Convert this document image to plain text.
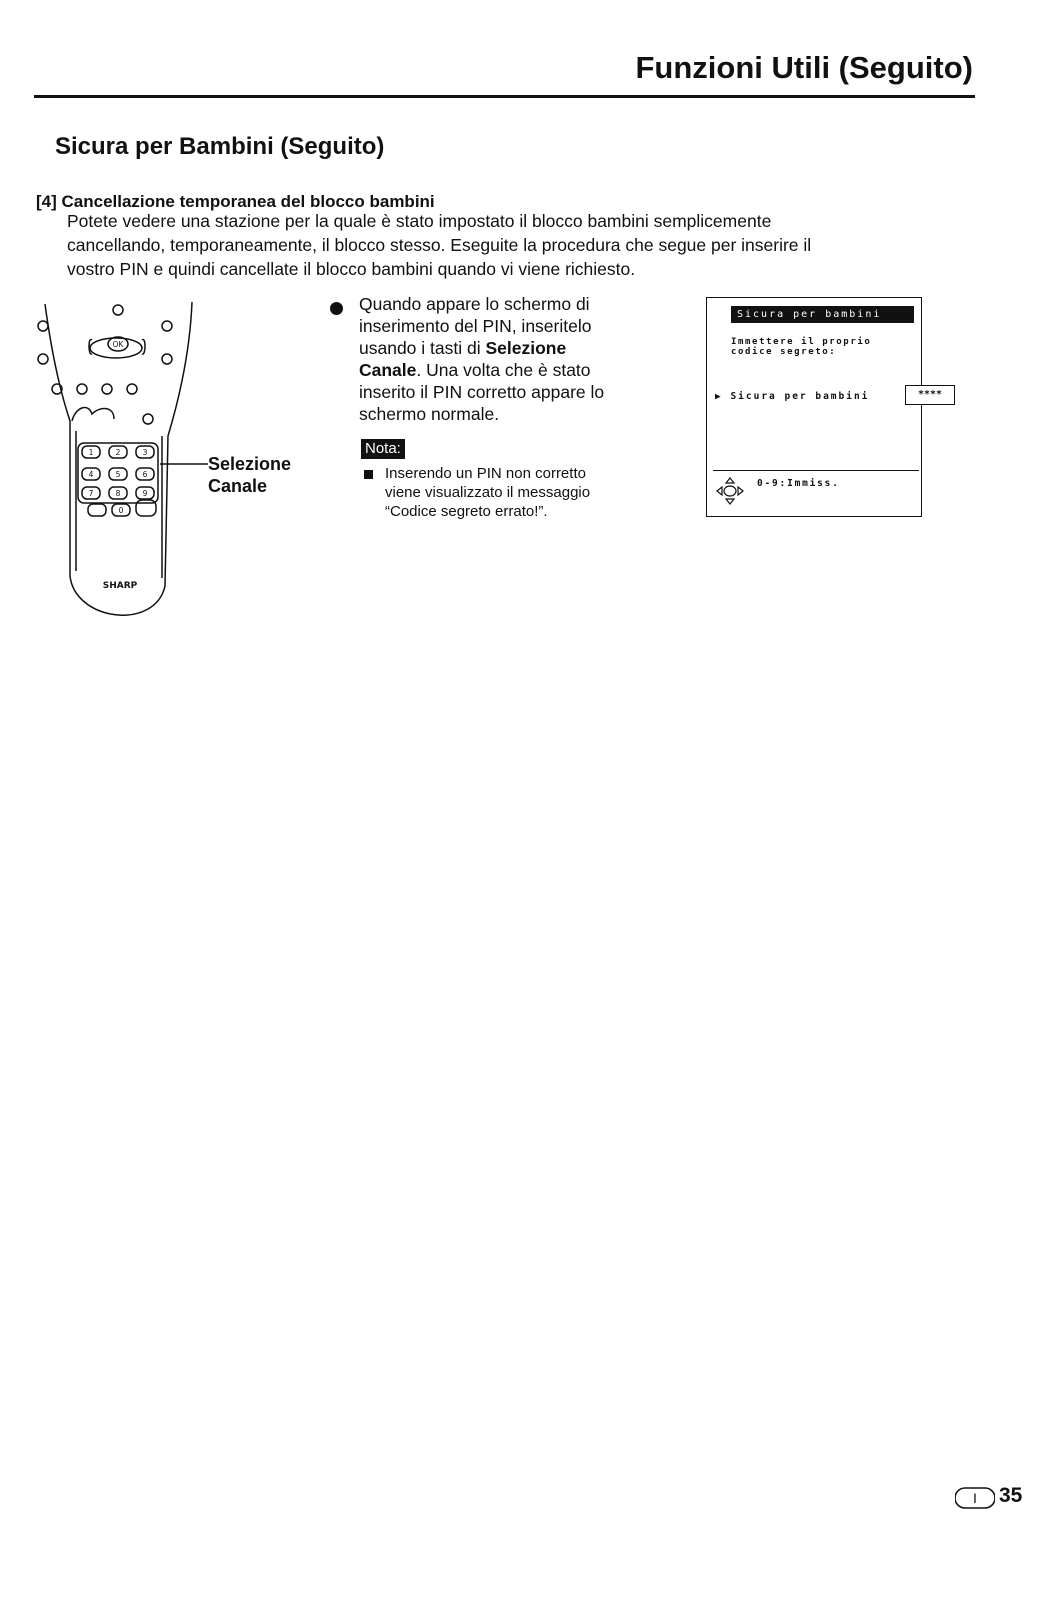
Funzioni Utili (Seguito)
Sicura per Bambini (Seguito)
[4] Cancellazione temporanea del blocco bambini
Potete vedere una stazione per la quale è stato impostato il blocco bambini semplicemente
cancellando, temporaneamente, il blocco stesso. Eseguite la procedura che segue per inserire il
vostro PIN e quindi cancellate il blocco bambini quando vi viene richiesto.
OK
1	2	3
4	5	6
7	8	9
0
SHARP
Selezione
Canale
Quando appare lo schermo di
inserimento del PIN, inseritelo
usando i tasti di Selezione
Canale. Una volta che è stato
inserito il PIN corretto appare lo
schermo normale.
Nota:
Inserendo un PIN non corretto
viene visualizzato il messaggio
“Codice segreto errato!”.
Sicura per bambini
Immettere il proprio
codice segreto:
▶ Sicura per bambini	*‌***
0-9:Immiss.
I 35
